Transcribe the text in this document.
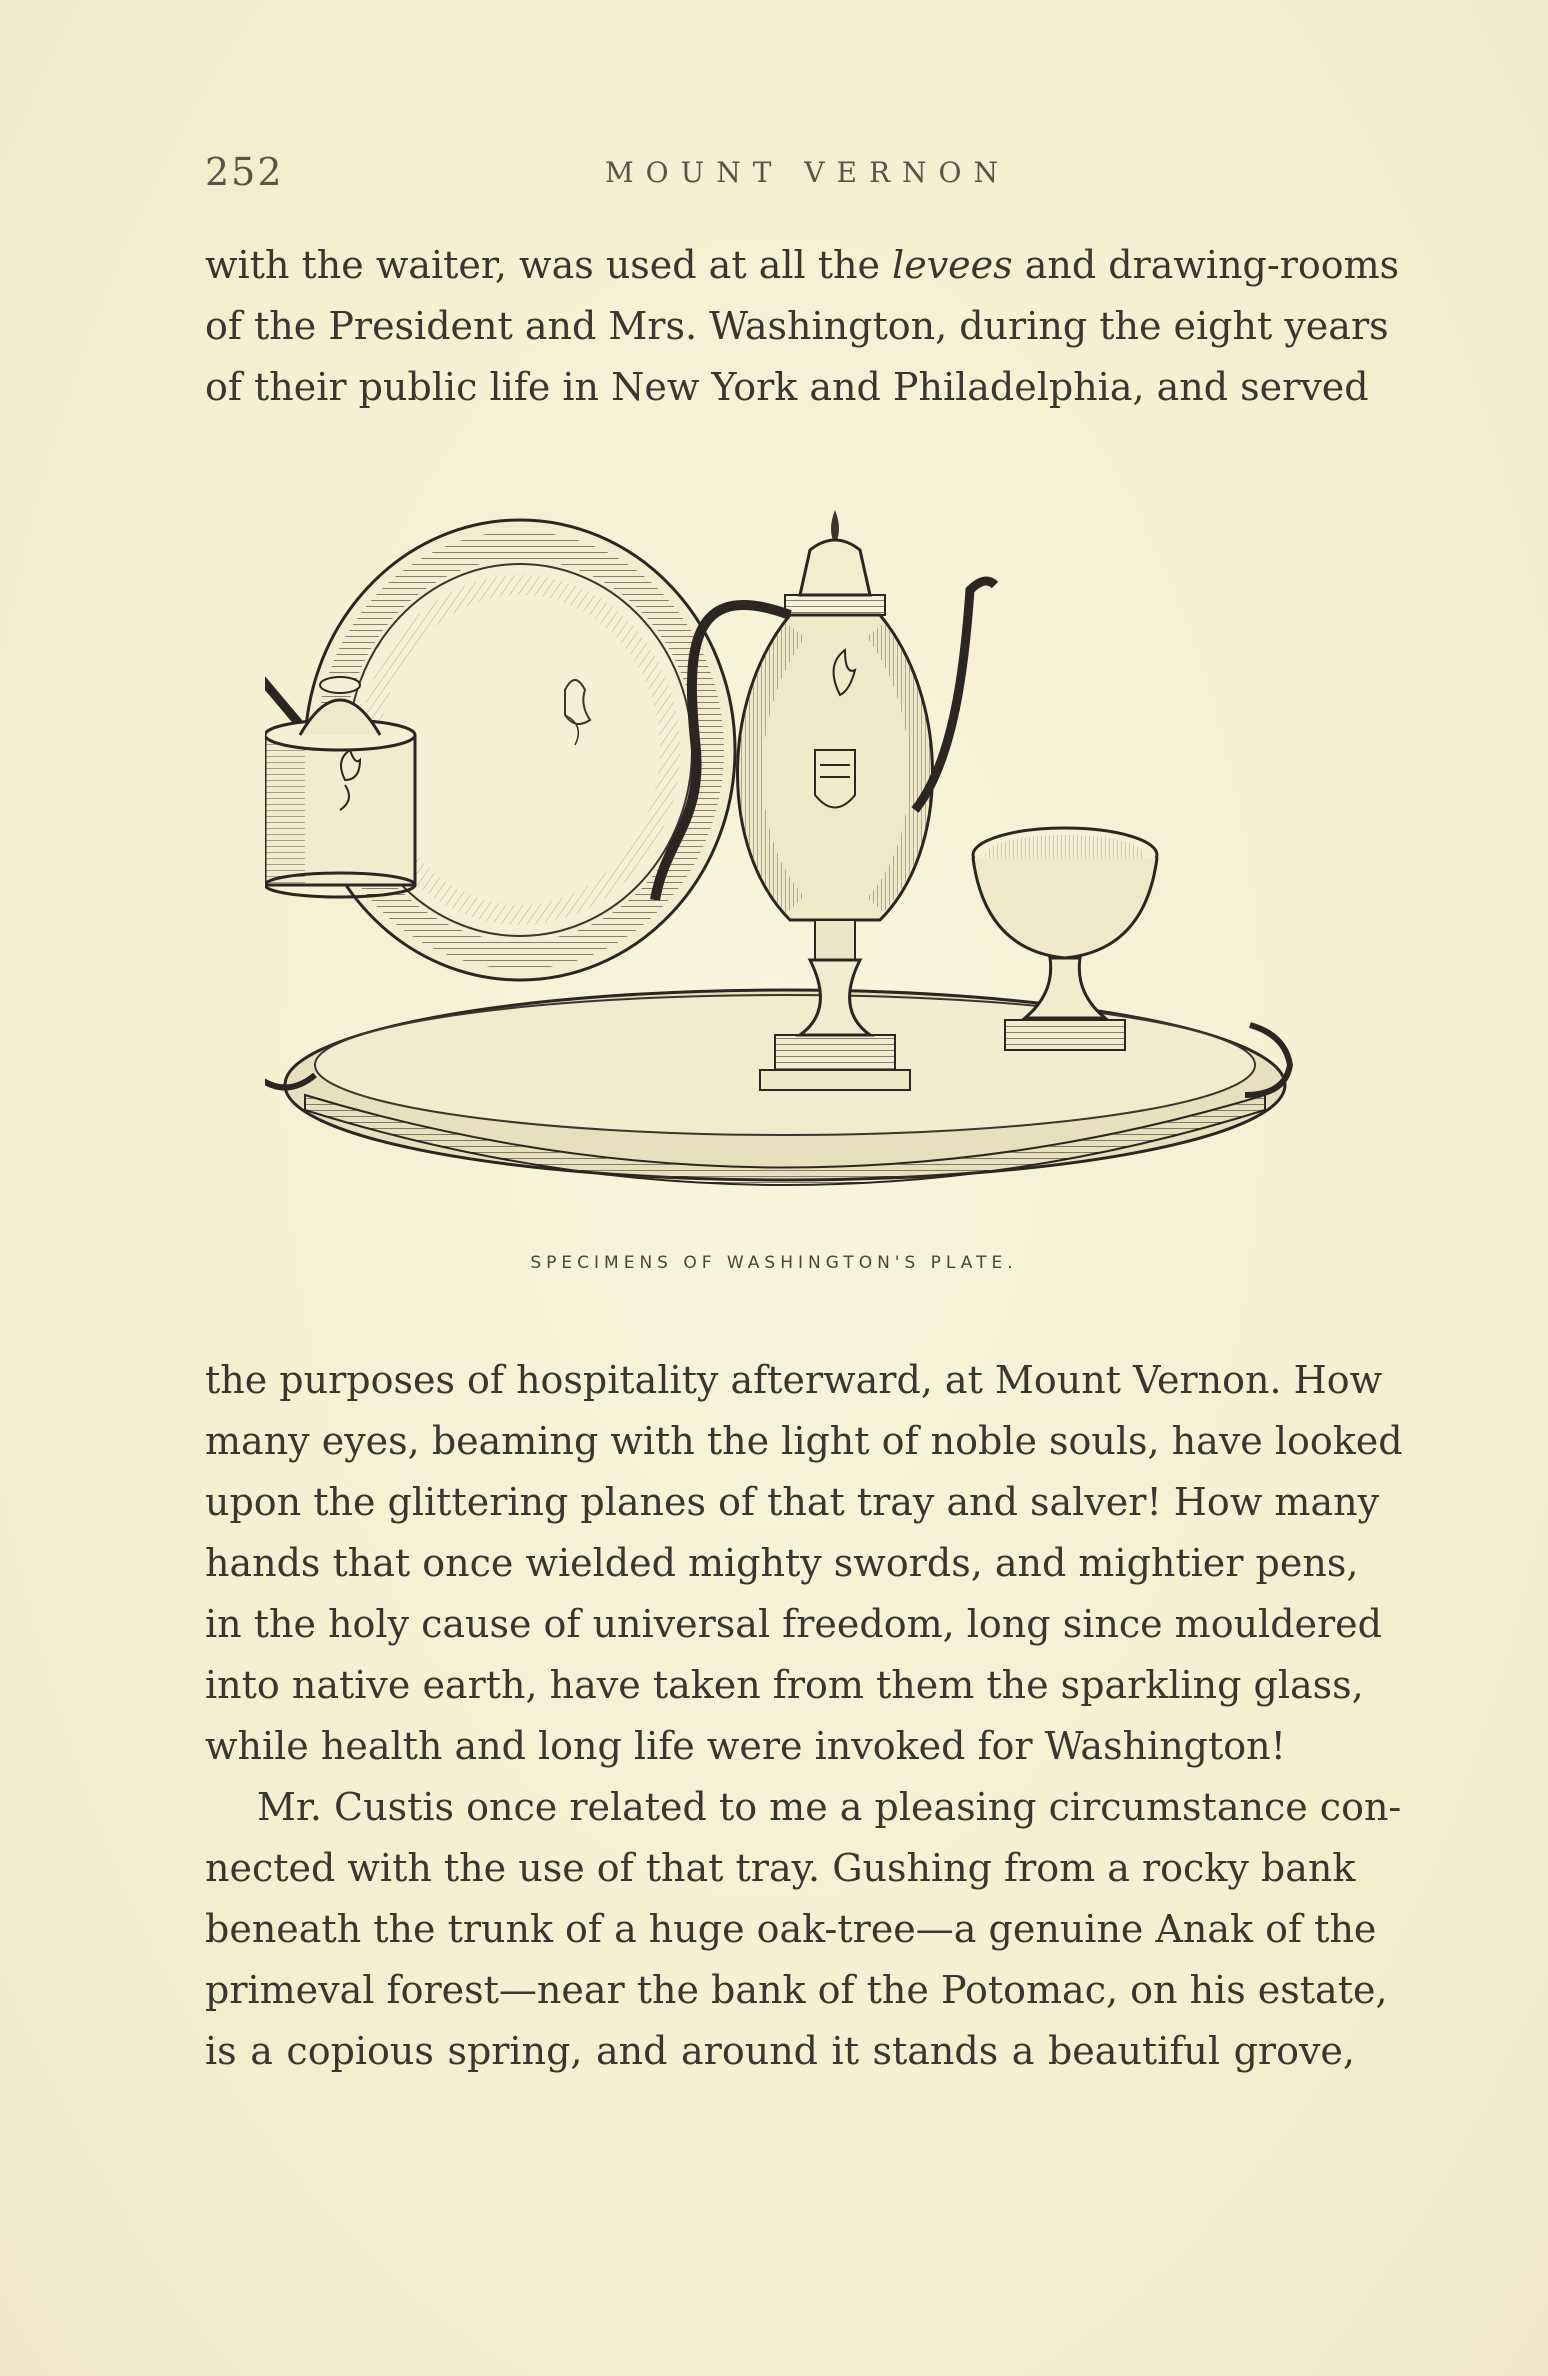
252	MOUNT VERNON
with the waiter, was used at all the levees and drawing-rooms
of the President and Mrs. Washington, during the eight years
of their public life in New York and Philadelphia, and served
SPECIMENS OF WASHINGTON'S PLATE.
the purposes of hospitality afterward, at Mount Vernon. How
many eyes, beaming with the light of noble souls, have looked
upon the glittering planes of that tray and salver! How many
hands that once wielded mighty swords, and mightier pens,
in the holy cause of universal freedom, long since mouldered
into native earth, have taken from them the sparkling glass,
while health and long life were invoked for Washington!
Mr. Custis once related to me a pleasing circumstance con-
nected with the use of that tray. Gushing from a rocky bank
beneath the trunk of a huge oak-tree—a genuine Anak of the
primeval forest—near the bank of the Potomac, on his estate,
is a copious spring, and around it stands a beautiful grove,
